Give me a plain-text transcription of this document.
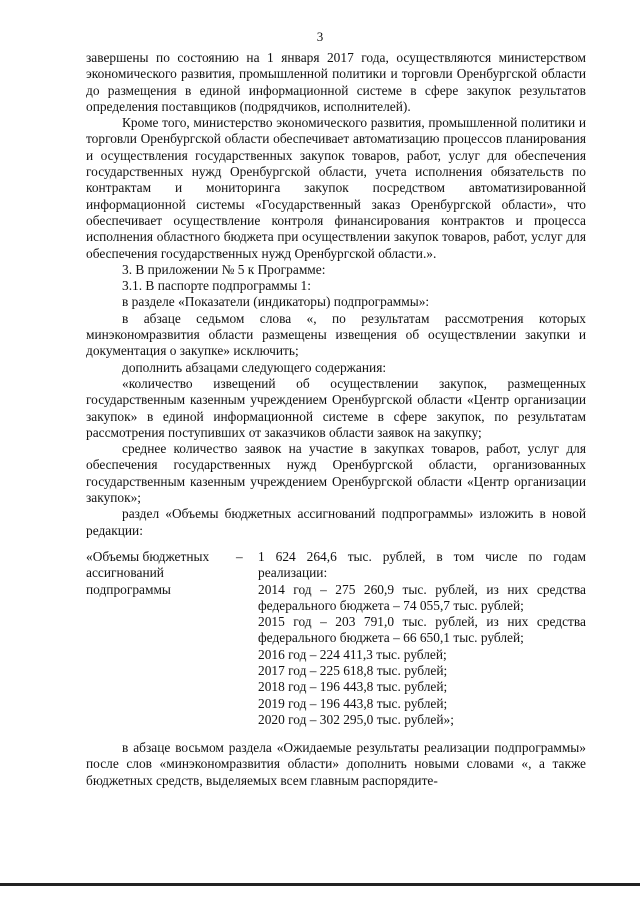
3

завершены по состоянию на 1 января 2017 года, осуществляются министерством экономического развития, промышленной политики и торговли Оренбургской области до размещения в единой информационной системе в сфере закупок результатов определения поставщиков (подрядчиков, исполнителей).

Кроме того, министерство экономического развития, промышленной политики и торговли Оренбургской области обеспечивает автоматизацию процессов планирования и осуществления государственных закупок товаров, работ, услуг для обеспечения государственных нужд Оренбургской области, учета исполнения обязательств по контрактам и мониторинга закупок посредством автоматизированной информационной системы «Государственный заказ Оренбургской области», что обеспечивает осуществление контроля финансирования контрактов и процесса исполнения областного бюджета при осуществлении закупок товаров, работ, услуг для обеспечения государственных нужд Оренбургской области.».

3. В приложении № 5 к Программе:

3.1. В паспорте подпрограммы 1:

в разделе «Показатели (индикаторы) подпрограммы»:

в абзаце седьмом слова «, по результатам рассмотрения которых минэкономразвития области размещены извещения об осуществлении закупки и документация о закупке» исключить;

дополнить абзацами следующего содержания:

«количество извещений об осуществлении закупок, размещенных государственным казенным учреждением Оренбургской области «Центр организации закупок» в единой информационной системе в сфере закупок, по результатам рассмотрения поступивших от заказчиков области заявок на закупку;

среднее количество заявок на участие в закупках товаров, работ, услуг для обеспечения государственных нужд Оренбургской области, организованных государственным казенным учреждением Оренбургской области «Центр организации закупок»;

раздел «Объемы бюджетных ассигнований подпрограммы» изложить в новой редакции:

«Объемы бюджетных
ассигнований
подпрограммы
–	1 624 264,6 тыс. рублей, в том числе по годам реализации:

2014 год – 275 260,9 тыс. рублей, из них средства федерального бюджета – 74 055,7 тыс. рублей;

2015 год – 203 791,0 тыс. рублей, из них средства федерального бюджета – 66 650,1 тыс. рублей;

2016 год – 224 411,3 тыс. рублей;

2017 год – 225 618,8 тыс. рублей;

2018 год – 196 443,8 тыс. рублей;

2019 год – 196 443,8 тыс. рублей;

2020 год – 302 295,0 тыс. рублей»;

в абзаце восьмом раздела «Ожидаемые результаты реализации подпрограммы» после слов «минэкономразвития области» дополнить новыми словами «, а также бюджетных средств, выделяемых всем главным распорядите-
